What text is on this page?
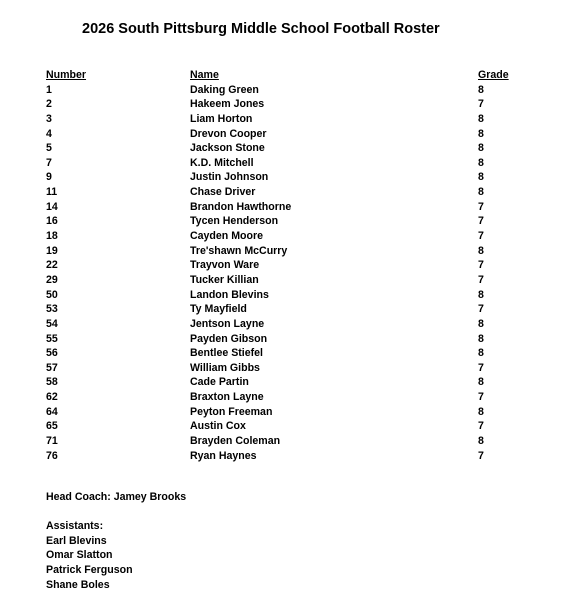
2026 South Pittsburg Middle School Football Roster
Number	Name	Grade
1	Daking Green	8
2	Hakeem Jones	7
3	Liam Horton	8
4	Drevon Cooper	8
5	Jackson Stone	8
7	K.D. Mitchell	8
9	Justin Johnson	8
11	Chase Driver	8
14	Brandon Hawthorne	7
16	Tycen Henderson	7
18	Cayden Moore	7
19	Tre'shawn McCurry	8
22	Trayvon Ware	7
29	Tucker Killian	7
50	Landon Blevins	8
53	Ty Mayfield	7
54	Jentson Layne	8
55	Payden Gibson	8
56	Bentlee Stiefel	8
57	William Gibbs	7
58	Cade Partin	8
62	Braxton Layne	7
64	Peyton Freeman	8
65	Austin Cox	7
71	Brayden Coleman	8
76	Ryan Haynes	7
Head Coach: Jamey Brooks
Assistants:
Earl Blevins
Omar Slatton
Patrick Ferguson
Shane Boles
